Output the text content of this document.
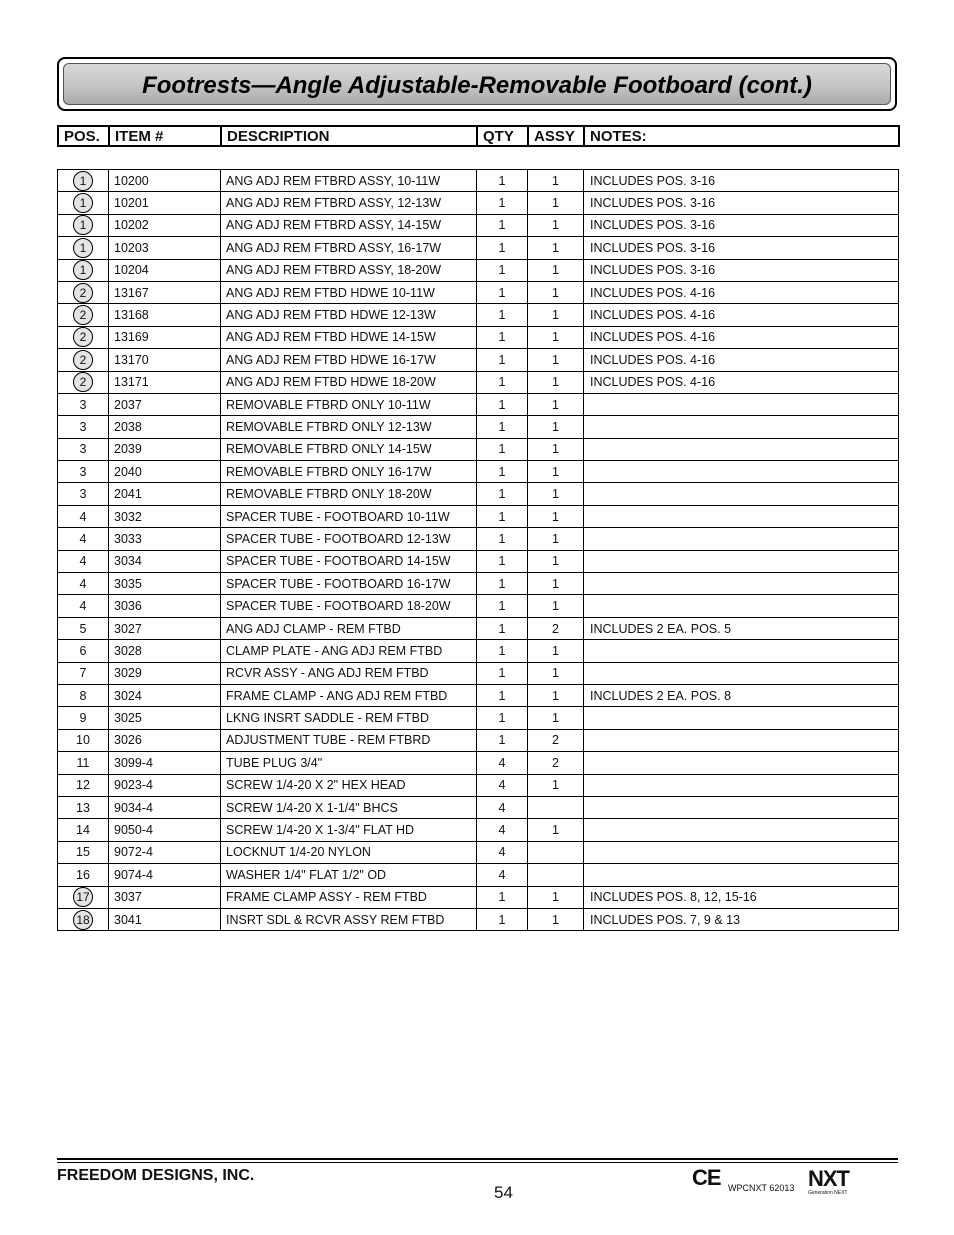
Footrests—Angle Adjustable-Removable Footboard (cont.)
POS.	ITEM #	DESCRIPTION	QTY	ASSY	NOTES:
1	10200	ANG ADJ REM FTBRD ASSY, 10-11W	1	1	INCLUDES POS. 3-16
1	10201	ANG ADJ REM FTBRD ASSY, 12-13W	1	1	INCLUDES POS. 3-16
1	10202	ANG ADJ REM FTBRD ASSY, 14-15W	1	1	INCLUDES POS. 3-16
1	10203	ANG ADJ REM FTBRD ASSY, 16-17W	1	1	INCLUDES POS. 3-16
1	10204	ANG ADJ REM FTBRD ASSY, 18-20W	1	1	INCLUDES POS. 3-16
2	13167	ANG ADJ REM FTBD HDWE 10-11W	1	1	INCLUDES POS. 4-16
2	13168	ANG ADJ REM FTBD HDWE 12-13W	1	1	INCLUDES POS. 4-16
2	13169	ANG ADJ REM FTBD HDWE 14-15W	1	1	INCLUDES POS. 4-16
2	13170	ANG ADJ REM FTBD HDWE 16-17W	1	1	INCLUDES POS. 4-16
2	13171	ANG ADJ REM FTBD HDWE 18-20W	1	1	INCLUDES POS. 4-16
3	2037	REMOVABLE FTBRD ONLY 10-11W	1	1	
3	2038	REMOVABLE FTBRD ONLY 12-13W	1	1	
3	2039	REMOVABLE FTBRD ONLY 14-15W	1	1	
3	2040	REMOVABLE FTBRD ONLY 16-17W	1	1	
3	2041	REMOVABLE FTBRD ONLY 18-20W	1	1	
4	3032	SPACER TUBE - FOOTBOARD 10-11W	1	1	
4	3033	SPACER TUBE - FOOTBOARD 12-13W	1	1	
4	3034	SPACER TUBE - FOOTBOARD 14-15W	1	1	
4	3035	SPACER TUBE - FOOTBOARD 16-17W	1	1	
4	3036	SPACER TUBE - FOOTBOARD 18-20W	1	1	
5	3027	ANG ADJ CLAMP - REM FTBD	1	2	INCLUDES 2 EA. POS. 5
6	3028	CLAMP PLATE - ANG ADJ REM FTBD	1	1	
7	3029	RCVR ASSY - ANG ADJ REM FTBD	1	1	
8	3024	FRAME CLAMP - ANG ADJ REM FTBD	1	1	INCLUDES 2 EA. POS. 8
9	3025	LKNG INSRT SADDLE - REM FTBD	1	1	
10	3026	ADJUSTMENT TUBE - REM FTBRD	1	2	
11	3099-4	TUBE PLUG 3/4"	4	2	
12	9023-4	SCREW 1/4-20 X 2" HEX HEAD	4	1	
13	9034-4	SCREW 1/4-20 X 1-1/4" BHCS	4		
14	9050-4	SCREW 1/4-20 X 1-3/4" FLAT HD	4	1	
15	9072-4	LOCKNUT 1/4-20 NYLON	4		
16	9074-4	WASHER 1/4" FLAT 1/2" OD	4		
17	3037	FRAME CLAMP ASSY - REM FTBD	1	1	INCLUDES POS. 8, 12, 15-16
18	3041	INSRT SDL & RCVR ASSY REM FTBD	1	1	INCLUDES POS. 7, 9 & 13
FREEDOM DESIGNS, INC.
54
CE WPCNXT 62013 NXT
Generation NEXT
